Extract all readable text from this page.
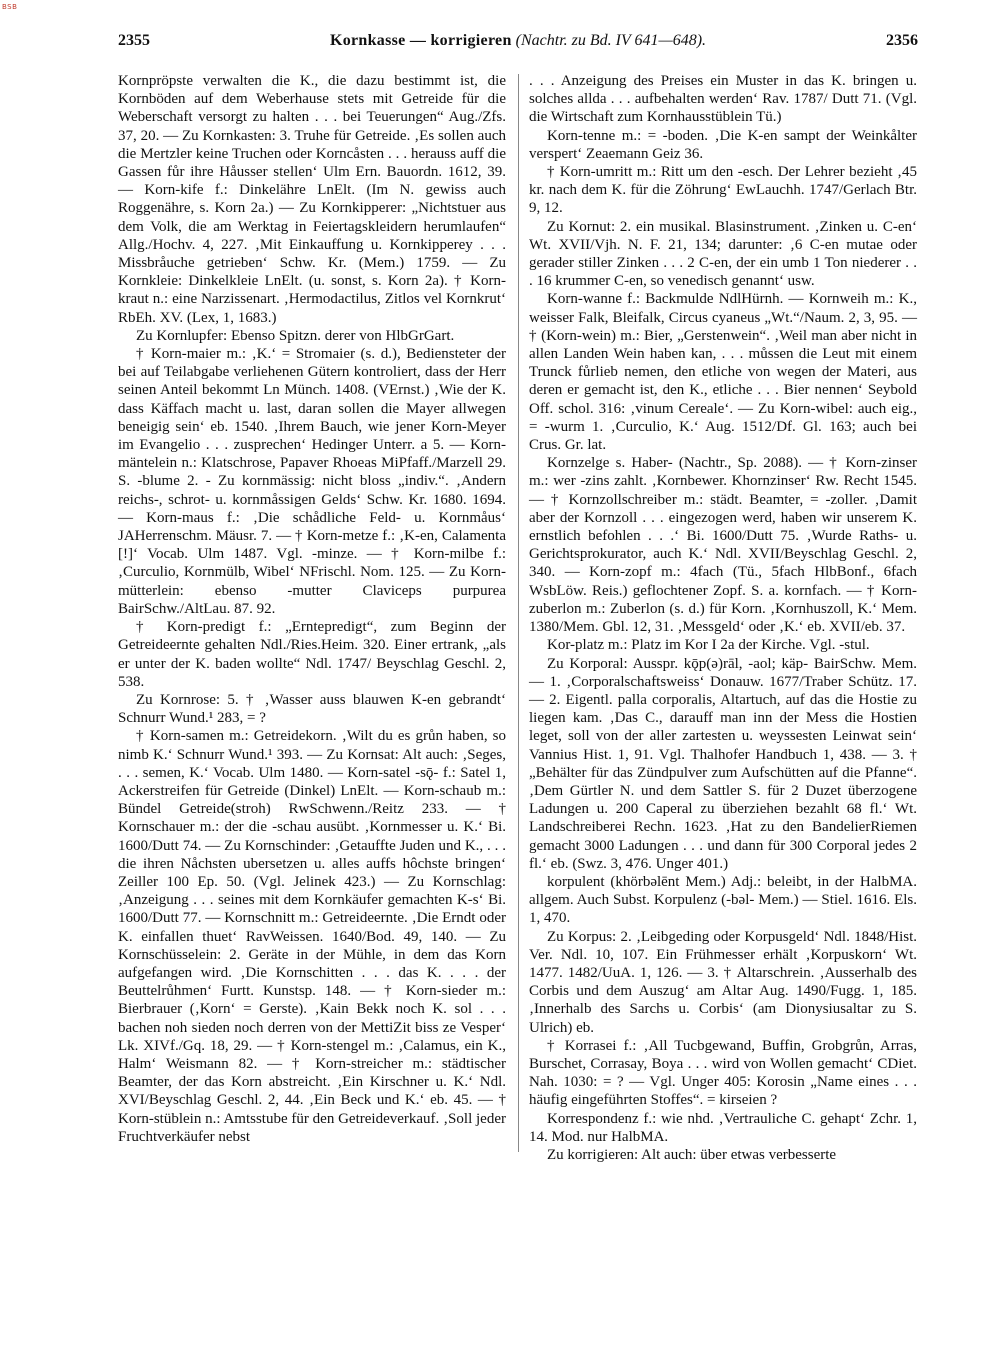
BSB
2355	Kornkasse — korrigieren (Nachtr. zu Bd. IV 641—648).	2356

Kornpröpste verwalten die K., die dazu bestimmt ist, die Kornböden auf dem Weberhause stets mit Getreide für die Weberschaft versorgt zu halten . . . bei Teuerungen“ Aug./Zfs. 37, 20. — Zu Kornkasten: 3. Truhe für Getreide. ‚Es sollen auch die Mertzler keine Truchen oder Korncåsten . . . herauss auff die Gassen fůr ihre Håusser stellen‘ Ulm Ern. Bauordn. 1612, 39. — Korn-kife f.: Dinkelähre LnElt. (Im N. gewiss auch Roggenähre, s. Korn 2a.) — Zu Kornkipperer: „Nichtstuer aus dem Volk, die am Werktag in Feiertagskleidern herumlaufen“ Allg./Hochv. 4, 227. ‚Mit Einkauffung u. Kornkipperey . . . Missbråuche getrieben‘ Schw. Kr. (Mem.) 1759. — Zu Kornkleie: Dinkelkleie LnElt. (u. sonst, s. Korn 2a). † Korn-kraut n.: eine Narzissenart. ‚Hermodactilus, Zitlos vel Kornkrut‘ RbEh. XV. (Lex, 1, 1683.)

Zu Kornlupfer: Ebenso Spitzn. derer von HlbGrGart.

† Korn-maier m.: ‚K.‘ = Stromaier (s. d.), Bediensteter der bei auf Teilabgabe verliehenen Gütern kontroliert, dass der Herr seinen Anteil bekommt Ln Münch. 1408. (VErnst.) ‚Wie der K. dass Käffach macht u. last, daran sollen die Mayer allwegen beneigig sein‘ eb. 1540. ‚Ihrem Bauch, wie jener Korn-Meyer im Evangelio . . . zusprechen‘ Hedinger Unterr. a 5. — Korn-mäntelein n.: Klatschrose, Papaver Rhoeas MiPfaff./Marzell 29. S. -blume 2. - Zu kornmässig: nicht bloss „indiv.“. ‚Andern reichs-, schrot- u. kornmåssigen Gelds‘ Schw. Kr. 1680. 1694. — Korn-maus f.: ‚Die schådliche Feld- u. Kornmåus‘ JAHerrenschm. Mäusr. 7. — † Korn-metze f.: ‚K-en, Calamenta [!]‘ Vocab. Ulm 1487. Vgl. -minze. — † Korn-milbe f.: ‚Curculio, Kornmülb, Wibel‘ NFrischl. Nom. 125. — Zu Korn-mütterlein: ebenso -mutter Claviceps purpurea BairSchw./AltLau. 87. 92.

† Korn-predigt f.: „Erntepredigt“, zum Beginn der Getreideernte gehalten Ndl./Ries.Heim. 320. Einer ertrank, „als er unter der K. baden wollte“ Ndl. 1747/ Beyschlag Geschl. 2, 538.

Zu Kornrose: 5. † ‚Wasser auss blauwen K-en gebrandt‘ Schnurr Wund.¹ 283, = ?

† Korn-samen m.: Getreidekorn. ‚Wilt du es grůn haben, so nimb K.‘ Schnurr Wund.¹ 393. — Zu Kornsat: Alt auch: ‚Seges, . . . semen, K.‘ Vocab. Ulm 1480. — Korn-satel -sǭ- f.: Satel 1, Ackerstreifen für Getreide (Dinkel) LnElt. — Korn-schaub m.: Bündel Getreide(stroh) RwSchwenn./Reitz 233. — † Kornschauer m.: der die -schau ausübt. ‚Kornmesser u. K.‘ Bi. 1600/Dutt 74. — Zu Kornschinder: ‚Getauffte Juden und K., . . . die ihren Nåchsten ubersetzen u. alles auffs hôchste bringen‘ Zeiller 100 Ep. 50. (Vgl. Jelinek 423.) — Zu Kornschlag: ‚Anzeigung . . . seines mit dem Kornkäufer gemachten K-s‘ Bi. 1600/Dutt 77. — Kornschnitt m.: Getreideernte. ‚Die Erndt oder K. einfallen thuet‘ RavWeissen. 1640/Bod. 49, 140. — Zu Kornschüsselein: 2. Geräte in der Mühle, in dem das Korn aufgefangen wird. ‚Die Kornschitten . . . das K. . . . der Beuttelrůhmen‘ Furtt. Kunstsp. 148. — † Korn-sieder m.: Bierbrauer (‚Korn‘ = Gerste). ‚Kain Bekk noch K. sol . . . bachen noh sieden noch derren von der MettiZit biss ze Vesper‘ Lk. XIVf./Gq. 18, 29. — † Korn-stengel m.: ‚Calamus, ein K., Halm‘ Weismann 82. — † Korn-streicher m.: städtischer Beamter, der das Korn abstreicht. ‚Ein Kirschner u. K.‘ Ndl. XVI/Beyschlag Geschl. 2, 44. ‚Ein Beck und K.‘ eb. 45. — † Korn-stüblein n.: Amtsstube für den Getreideverkauf. ‚Soll jeder Fruchtverkäufer nebst

. . . Anzeigung des Preises ein Muster in das K. bringen u. solches allda . . . aufbehalten werden‘ Rav. 1787/ Dutt 71. (Vgl. die Wirtschaft zum Kornhausstüblein Tü.)

Korn-tenne m.: = -boden. ‚Die K-en sampt der Weinkålter verspert‘ Zeaemann Geiz 36.

† Korn-umritt m.: Ritt um den -esch. Der Lehrer bezieht ‚45 kr. nach dem K. für die Zöhrung‘ EwLauchh. 1747/Gerlach Btr. 9, 12.

Zu Kornut: 2. ein musikal. Blasinstrument. ‚Zinken u. C-en‘ Wt. XVII/Vjh. N. F. 21, 134; darunter: ‚6 C-en mutae oder gerader stiller Zinken . . . 2 C-en, der ein umb 1 Ton niederer . . . 16 krummer C-en, so venedisch genannt‘ usw.

Korn-wanne f.: Backmulde NdlHürnh. — Kornweih m.: K., weisser Falk, Bleifalk, Circus cyaneus „Wt.“/Naum. 2, 3, 95. — † (Korn-wein) m.: Bier, „Gerstenwein“. ‚Weil man aber nicht in allen Landen Wein haben kan, . . . můssen die Leut mit einem Trunck fůrlieb nemen, den etliche von wegen der Materi, aus deren er gemacht ist, den K., etliche . . . Bier nennen‘ Seybold Off. schol. 316: ‚vinum Cereale‘. — Zu Korn-wibel: auch eig., = -wurm 1. ‚Curculio, K.‘ Aug. 1512/Df. Gl. 163; auch bei Crus. Gr. lat.

Kornzelge s. Haber- (Nachtr., Sp. 2088). — † Korn-zinser m.: wer -zins zahlt. ‚Kornbewer. Khornzinser‘ Rw. Recht 1545. — † Kornzollschreiber m.: städt. Beamter, = -zoller. ‚Damit aber der Kornzoll . . . eingezogen werd, haben wir unserem K. ernstlich befohlen . . .‘ Bi. 1600/Dutt 75. ‚Wurde Raths- u. Gerichtsprokurator, auch K.‘ Ndl. XVII/Beyschlag Geschl. 2, 340. — Korn-zopf m.: 4fach (Tü., 5fach HlbBonf., 6fach WsbLöw. Reis.) geflochtener Zopf. S. a. kornfach. — † Korn-zuberlon m.: Zuberlon (s. d.) für Korn. ‚Kornhuszoll, K.‘ Mem. 1380/Mem. Gbl. 12, 31. ‚Messgeld‘ oder ‚K.‘ eb. XVII/eb. 37.

Kor-platz m.: Platz im Kor I 2a der Kirche. Vgl. -stul.

Zu Korporal: Ausspr. kǭp(ə)rāl, -aol; käp- BairSchw. Mem. — 1. ‚Corporalschaftsweiss‘ Donauw. 1677/Traber Schütz. 17. — 2. Eigentl. palla corporalis, Altartuch, auf das die Hostie zu liegen kam. ‚Das C., darauff man inn der Mess die Hostien leget, soll von der aller zartesten u. weyssesten Leinwat sein‘ Vannius Hist. 1, 91. Vgl. Thalhofer Handbuch 1, 438. — 3. † „Behälter für das Zündpulver zum Aufschütten auf die Pfanne“. ‚Dem Gürtler N. und dem Sattler S. für 2 Duzet überzogene Ladungen u. 200 Caperal zu überziehen bezahlt 68 fl.‘ Wt. Landschreiberei Rechn. 1623. ‚Hat zu den BandelierRiemen gemacht 3000 Ladungen . . . und dann für 300 Corporal jedes 2 fl.‘ eb. (Swz. 3, 476. Unger 401.)

korpulent (khörbəlēnt Mem.) Adj.: beleibt, in der HalbMA. allgem. Auch Subst. Korpulenz (-bəl- Mem.) — Stiel. 1616. Els. 1, 470.

Zu Korpus: 2. ‚Leibgeding oder Korpusgeld‘ Ndl. 1848/Hist. Ver. Ndl. 10, 107. Ein Frühmesser erhält ‚Korpuskorn‘ Wt. 1477. 1482/UuA. 1, 126. — 3. † Altarschrein. ‚Ausserhalb des Corbis und dem Auszug‘ am Altar Aug. 1490/Fugg. 1, 185. ‚Innerhalb des Sarchs u. Corbis‘ (am Dionysiusaltar zu S. Ulrich) eb.

† Korrasei f.: ‚All Tucbgewand, Buffin, Grobgrůn, Arras, Burschet, Corrasay, Boya . . . wird von Wollen gemacht‘ CDiet. Nah. 1030: = ? — Vgl. Unger 405: Korosin „Name eines . . . häufig eingeführten Stoffes“. = kirseien ?

Korrespondenz f.: wie nhd. ‚Vertrauliche C. gehapt‘ Zchr. 1, 14. Mod. nur HalbMA.

Zu korrigieren: Alt auch: über etwas verbesserte
